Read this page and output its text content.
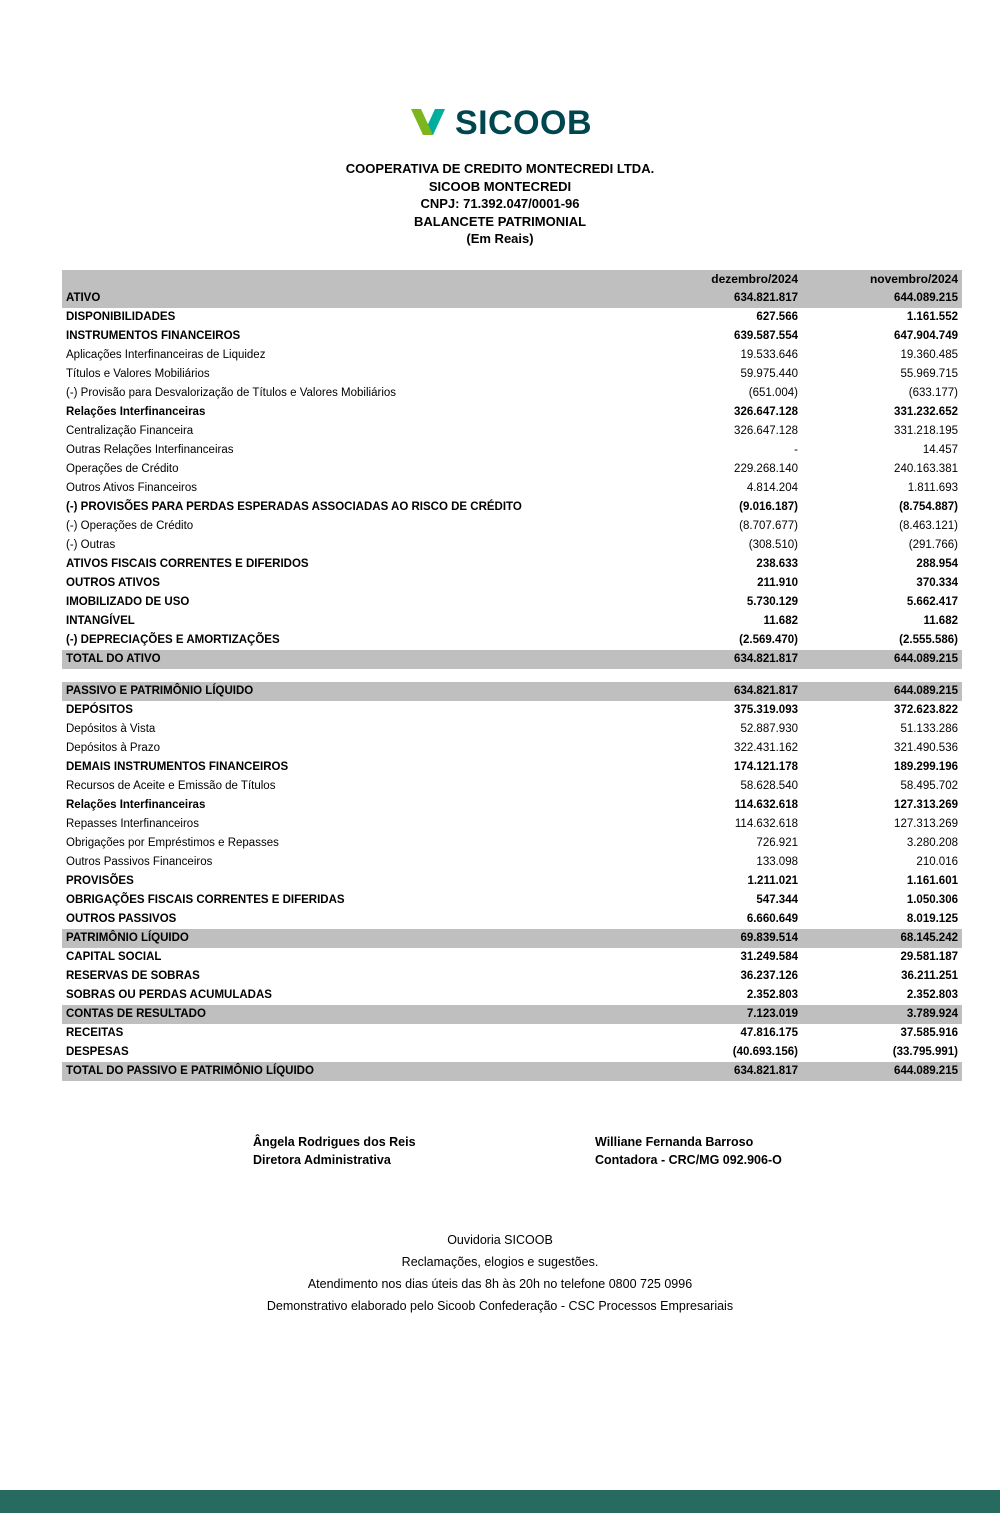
SICOOB
COOPERATIVA DE CREDITO MONTECREDI LTDA.
SICOOB MONTECREDI
CNPJ: 71.392.047/0001-96
BALANCETE PATRIMONIAL
(Em Reais)
	dezembro/2024	novembro/2024
ATIVO	634.821.817	644.089.215
DISPONIBILIDADES	627.566	1.161.552
INSTRUMENTOS FINANCEIROS	639.587.554	647.904.749
Aplicações Interfinanceiras de Liquidez	19.533.646	19.360.485
Títulos e Valores Mobiliários	59.975.440	55.969.715
(-) Provisão para Desvalorização de Títulos e Valores Mobiliários	(651.004)	(633.177)
Relações Interfinanceiras	326.647.128	331.232.652
Centralização Financeira	326.647.128	331.218.195
Outras Relações Interfinanceiras	-	14.457
Operações de Crédito	229.268.140	240.163.381
Outros Ativos Financeiros	4.814.204	1.811.693
(-) PROVISÕES PARA PERDAS ESPERADAS ASSOCIADAS AO RISCO DE CRÉDITO	(9.016.187)	(8.754.887)
(-) Operações de Crédito	(8.707.677)	(8.463.121)
(-) Outras	(308.510)	(291.766)
ATIVOS FISCAIS CORRENTES E DIFERIDOS	238.633	288.954
OUTROS ATIVOS	211.910	370.334
IMOBILIZADO DE USO	5.730.129	5.662.417
INTANGÍVEL	11.682	11.682
(-) DEPRECIAÇÕES E AMORTIZAÇÕES	(2.569.470)	(2.555.586)
TOTAL DO ATIVO	634.821.817	644.089.215

PASSIVO E PATRIMÔNIO LÍQUIDO	634.821.817	644.089.215
DEPÓSITOS	375.319.093	372.623.822
Depósitos à Vista	52.887.930	51.133.286
Depósitos à Prazo	322.431.162	321.490.536
DEMAIS INSTRUMENTOS FINANCEIROS	174.121.178	189.299.196
Recursos de Aceite e Emissão de Títulos	58.628.540	58.495.702
Relações Interfinanceiras	114.632.618	127.313.269
Repasses Interfinanceiros	114.632.618	127.313.269
Obrigações por Empréstimos e Repasses	726.921	3.280.208
Outros Passivos Financeiros	133.098	210.016
PROVISÕES	1.211.021	1.161.601
OBRIGAÇÕES FISCAIS CORRENTES E DIFERIDAS	547.344	1.050.306
OUTROS PASSIVOS	6.660.649	8.019.125
PATRIMÔNIO LÍQUIDO	69.839.514	68.145.242
CAPITAL SOCIAL	31.249.584	29.581.187
RESERVAS DE SOBRAS	36.237.126	36.211.251
SOBRAS OU PERDAS ACUMULADAS	2.352.803	2.352.803
CONTAS DE RESULTADO	7.123.019	3.789.924
RECEITAS	47.816.175	37.585.916
DESPESAS	(40.693.156)	(33.795.991)
TOTAL DO PASSIVO E PATRIMÔNIO LÍQUIDO	634.821.817	644.089.215
Ângela Rodrigues dos Reis
Diretora Administrativa
Williane Fernanda Barroso
Contadora - CRC/MG 092.906-O
Ouvidoria SICOOB
Reclamações, elogios e sugestões.
Atendimento nos dias úteis das 8h às 20h no telefone 0800 725 0996
Demonstrativo elaborado pelo Sicoob Confederação - CSC Processos Empresariais
